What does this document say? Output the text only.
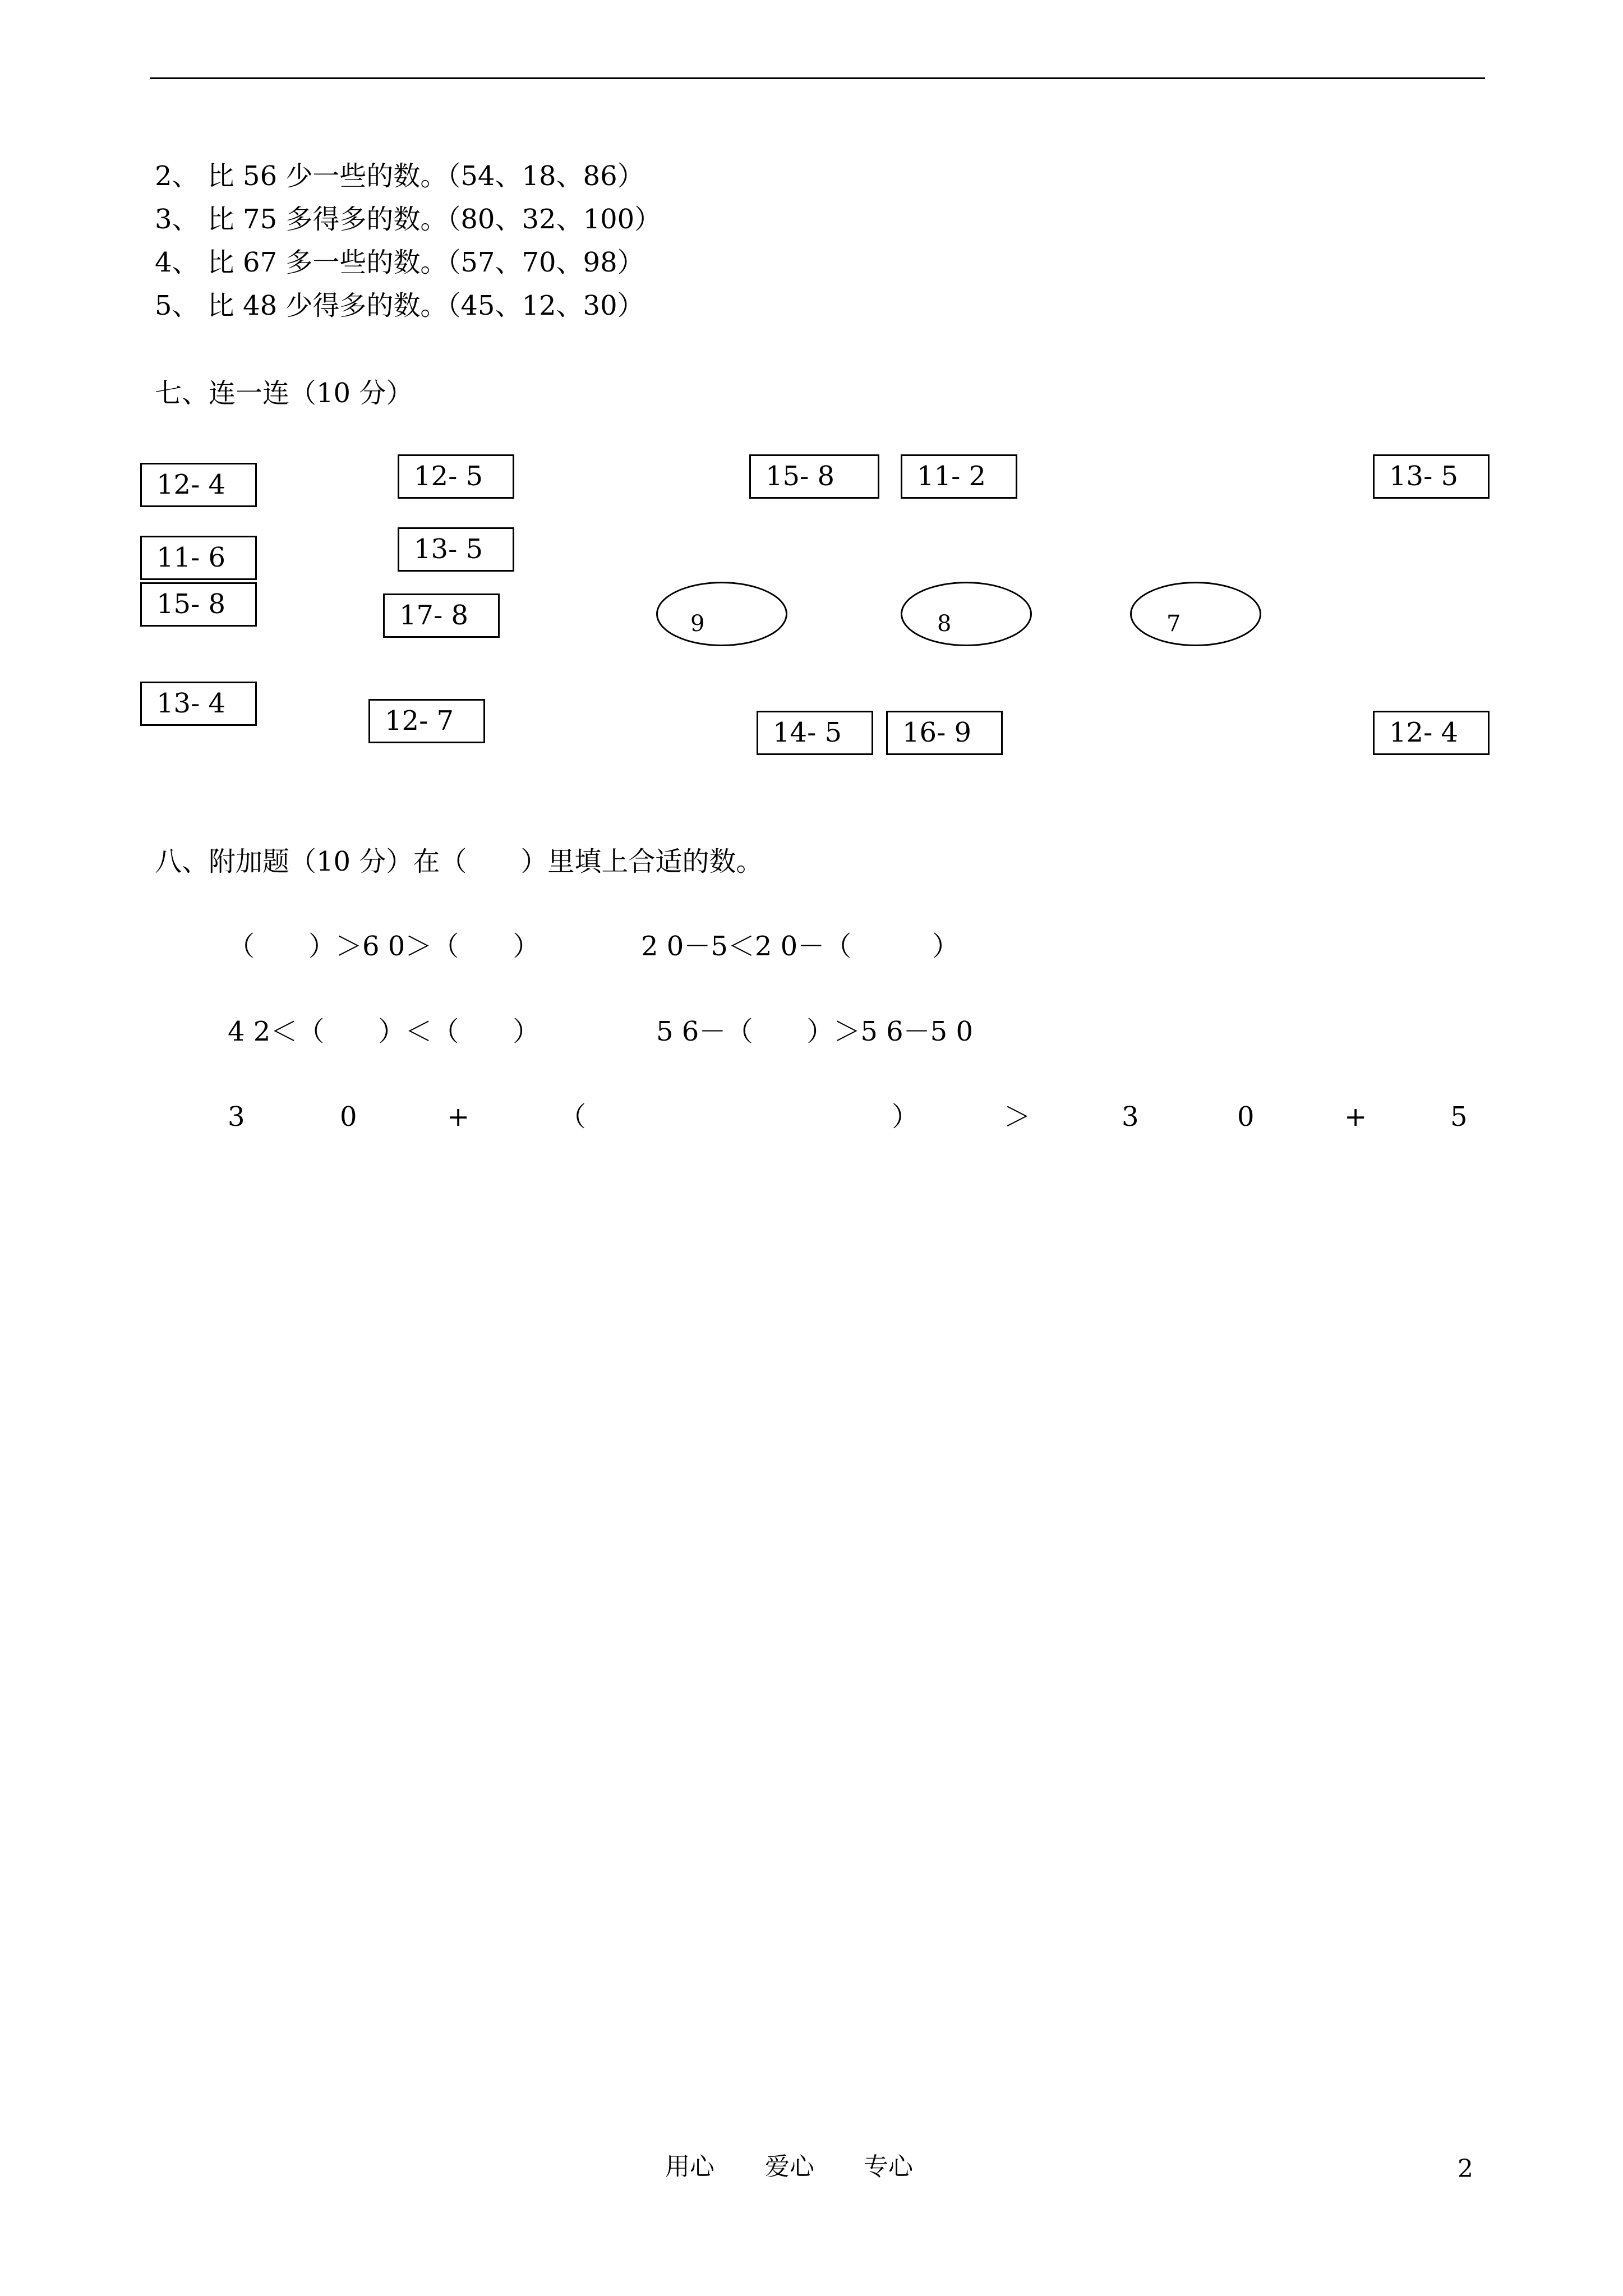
2、 比 56 少一些的数。（54、18、86）
3、 比 75 多得多的数。（80、32、100）
4、 比 67 多一些的数。（57、70、98）
5、 比 48 少得多的数。（45、12、30）
七、连一连（10 分）
12- 4
11- 6
15- 8
13- 4
12- 5
13- 5
17- 8
12- 7
15- 8	11- 2
14- 5	16- 9
13- 5
12- 4
9	8	7
八、附加题（10 分）在（　　）里填上合适的数。
（　　）＞6 0＞（　　）	2 0－5＜2 0－（　　　）
4 2＜（　　）＜（　　）	5 6－（　　）＞5 6－5 0
3	0	+	（	）	＞	3	0	+	5
用心 爱心 专心	2
